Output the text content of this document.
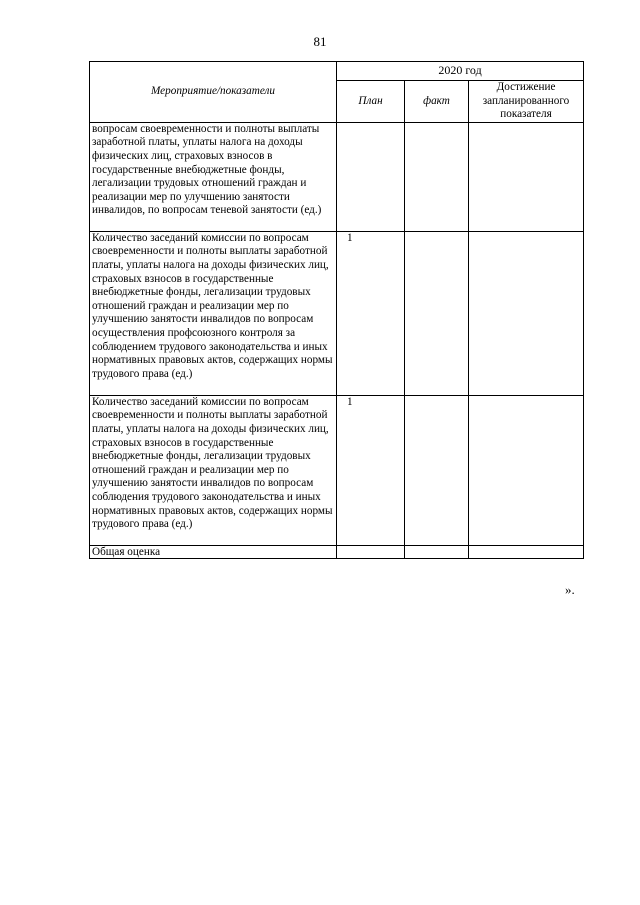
81
Мероприятие/показатели	2020 год		
	План	факт	Достижение запланированного показателя
вопросам своевременности и полноты выплаты заработной платы, уплаты налога на доходы физических лиц, страховых взносов в государственные внебюджетные фонды, легализации трудовых отношений граждан и реализации мер по улучшению занятости инвалидов, по вопросам теневой занятости (ед.)			
Количество заседаний комиссии по вопросам своевременности и полноты выплаты заработной платы, уплаты налога на доходы физических лиц, страховых взносов в государственные внебюджетные фонды, легализации трудовых отношений граждан и реализации мер по улучшению занятости инвалидов по вопросам осуществления профсоюзного контроля за соблюдением трудового законодательства и иных нормативных правовых актов, содержащих нормы трудового права (ед.)	1		
Количество заседаний комиссии по вопросам своевременности и полноты выплаты заработной платы, уплаты налога на доходы физических лиц, страховых взносов в государственные внебюджетные фонды, легализации трудовых отношений граждан и реализации мер по улучшению занятости инвалидов по вопросам соблюдения трудового законодательства и иных нормативных правовых актов, содержащих нормы трудового права (ед.)	1		
Общая оценка			
».
